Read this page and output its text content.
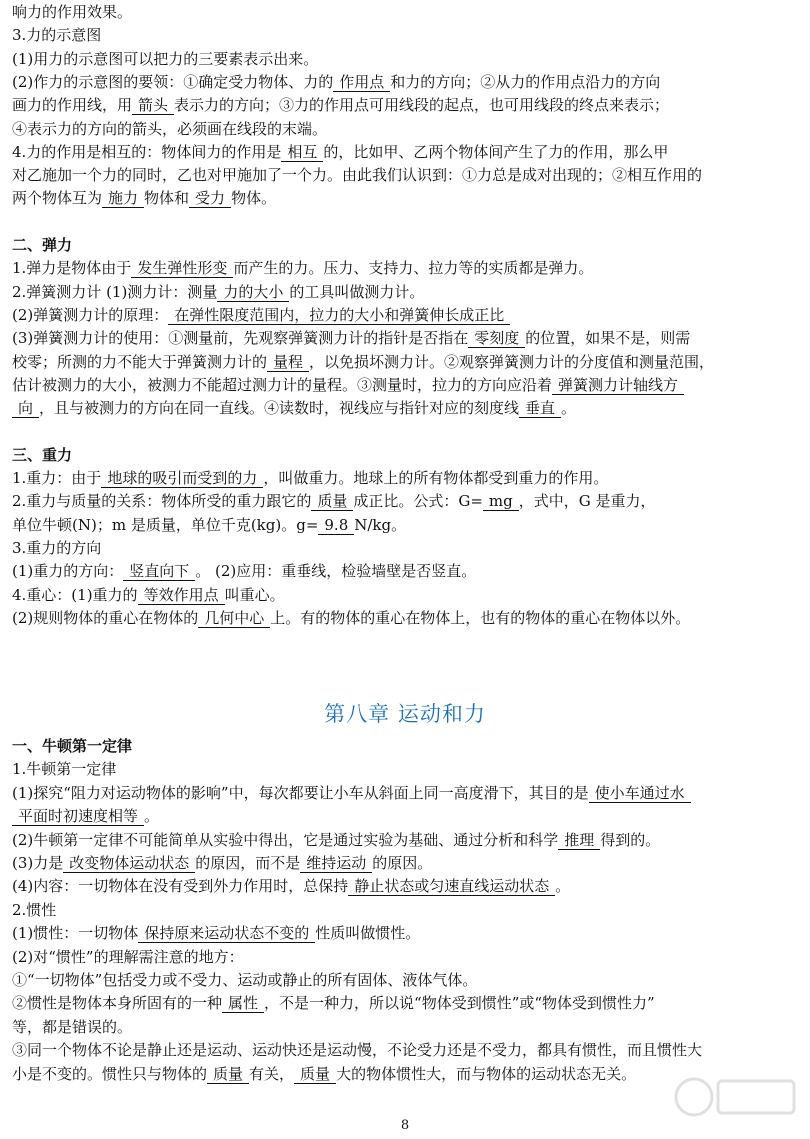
响力的作用效果。
3.力的示意图
(1)用力的示意图可以把力的三要素表示出来。
(2)作力的示意图的要领：①确定受力物体、力的 作用点 和力的方向；②从力的作用点沿力的方向
画力的作用线，用 箭头 表示力的方向；③力的作用点可用线段的起点，也可用线段的终点来表示；
④表示力的方向的箭头，必须画在线段的末端。
4.力的作用是相互的：物体间力的作用是 相互 的，比如甲、乙两个物体间产生了力的作用，那么甲
对乙施加一个力的同时，乙也对甲施加了一个力。由此我们认识到：①力总是成对出现的；②相互作用的
两个物体互为 施力 物体和 受力 物体。
二、弹力
1.弹力是物体由于 发生弹性形变 而产生的力。压力、支持力、拉力等的实质都是弹力。
2.弹簧测力计 (1)测力计：测量 力的大小 的工具叫做测力计。
(2)弹簧测力计的原理： 在弹性限度范围内，拉力的大小和弹簧伸长成正比
(3)弹簧测力计的使用：①测量前，先观察弹簧测力计的指针是否指在 零刻度 的位置，如果不是，则需
校零；所测的力不能大于弹簧测力计的 量程 ，以免损坏测力计。②观察弹簧测力计的分度值和测量范围，
估计被测力的大小，被测力不能超过测力计的量程。③测量时，拉力的方向应沿着 弹簧测力计轴线方
向 ，且与被测力的方向在同一直线。④读数时，视线应与指针对应的刻度线 垂直 。
三、重力
1.重力：由于 地球的吸引而受到的力 ，叫做重力。地球上的所有物体都受到重力的作用。
2.重力与质量的关系：物体所受的重力跟它的 质量 成正比。公式：G= mg ，式中，G 是重力，
单位牛顿(N)；m 是质量，单位千克(kg)。g= 9.8 N/kg。
3.重力的方向
(1)重力的方向： 竖直向下 。 (2)应用：重垂线，检验墙壁是否竖直。
4.重心：(1)重力的 等效作用点 叫重心。
(2)规则物体的重心在物体的 几何中心 上。有的物体的重心在物体上，也有的物体的重心在物体以外。
第八章 运动和力
一、牛顿第一定律
1.牛顿第一定律
(1)探究“阻力对运动物体的影响”中，每次都要让小车从斜面上同一高度滑下，其目的是 使小车通过水
平面时初速度相等 。
(2)牛顿第一定律不可能简单从实验中得出，它是通过实验为基础、通过分析和科学 推理 得到的。
(3)力是 改变物体运动状态 的原因，而不是 维持运动 的原因。
(4)内容：一切物体在没有受到外力作用时，总保持 静止状态或匀速直线运动状态 。
2.惯性
(1)惯性：一切物体 保持原来运动状态不变的 性质叫做惯性。
(2)对“惯性”的理解需注意的地方：
①“一切物体”包括受力或不受力、运动或静止的所有固体、液体气体。
②惯性是物体本身所固有的一种 属性 ，不是一种力，所以说“物体受到惯性”或“物体受到惯性力”
等，都是错误的。
③同一个物体不论是静止还是运动、运动快还是运动慢，不论受力还是不受力，都具有惯性，而且惯性大
小是不变的。惯性只与物体的 质量 有关， 质量 大的物体惯性大，而与物体的运动状态无关。
8
